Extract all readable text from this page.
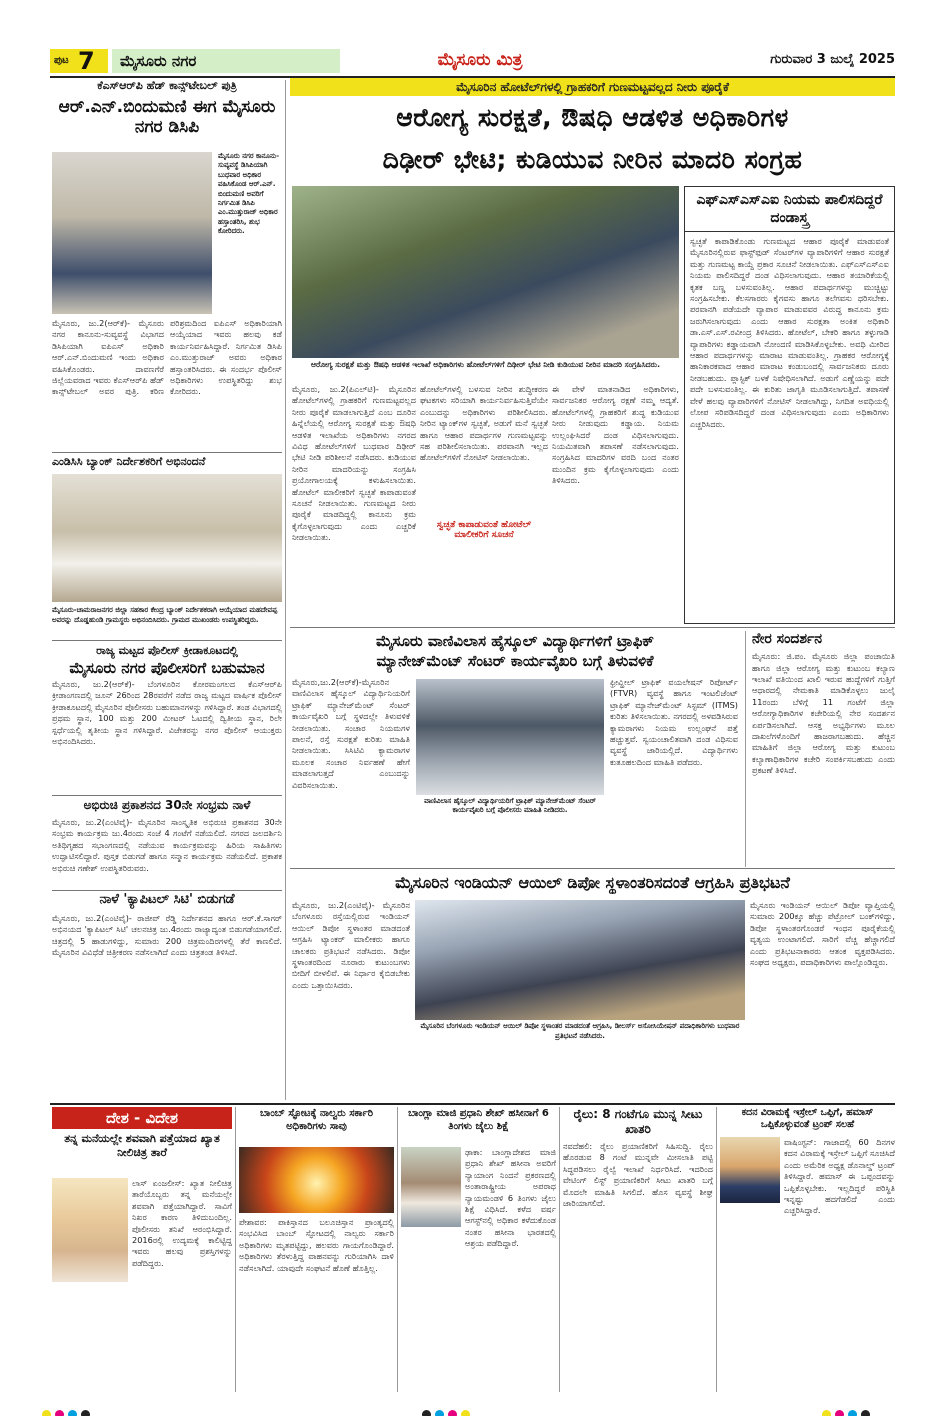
ಪುಟ 7 ಮೈಸೂರು ನಗರ	ಮೈಸೂರು ಮಿತ್ರ	ಗುರುವಾರ 3 ಜುಲೈ 2025
ಕೆಎಸ್‌ಆರ್‌ಪಿ ಹೆಡ್ ಕಾನ್ಸ್‌ಟೇಬಲ್ ಪುತ್ರಿ
ಆರ್.ಎನ್.ಬಿಂದುಮಣಿ ಈಗ ಮೈಸೂರು ನಗರ ಡಿಸಿಪಿ
ಮೈಸೂರು ನಗರ ಕಾನೂನು-ಸುವ್ಯವಸ್ಥೆ ಡಿಸಿಪಿಯಾಗಿ ಬುಧವಾರ ಅಧಿಕಾರ ವಹಿಸಿಕೊಂಡ ಆರ್.ಎನ್. ಬಿಂದುಮಣಿ ಅವರಿಗೆ ನಿರ್ಗಮಿತ ಡಿಸಿಪಿ ಎಂ.ಮುತ್ತುರಾಜ್ ಅಧಿಕಾರ ಹಸ್ತಾಂತರಿಸಿ, ಶುಭ ಕೋರಿದರು.
ಮೈಸೂರು, ಜು.2(ಆರ್‌ಕೆ)- ಮೈಸೂರು ನಗರ ಕಾನೂನು-ಸುವ್ಯವಸ್ಥೆ ವಿಭಾಗದ ಡಿಸಿಪಿಯಾಗಿ ಐಪಿಎಸ್ ಅಧಿಕಾರಿ ಆರ್.ಎನ್.ಬಿಂದುಮಣಿ ಇಂದು ಅಧಿಕಾರ ವಹಿಸಿಕೊಂಡರು. ದಾವಣಗೆರೆ ಜಿಲ್ಲೆಯವರಾದ ಇವರು ಕೆಎಸ್‌ಆರ್‌ಪಿ ಹೆಡ್ ಕಾನ್ಸ್‌ಟೇಬಲ್ ಅವರ ಪುತ್ರಿ. ಕಠಿಣ ಪರಿಶ್ರಮದಿಂದ ಐಪಿಎಸ್ ಅಧಿಕಾರಿಯಾಗಿ ಆಯ್ಕೆಯಾದ ಇವರು ಹಲವು ಕಡೆ ಕಾರ್ಯನಿರ್ವಹಿಸಿದ್ದಾರೆ. ನಿರ್ಗಮಿತ ಡಿಸಿಪಿ ಎಂ.ಮುತ್ತುರಾಜ್ ಅವರು ಅಧಿಕಾರ ಹಸ್ತಾಂತರಿಸಿದರು. ಈ ಸಂದರ್ಭ ಪೊಲೀಸ್ ಅಧಿಕಾರಿಗಳು ಉಪಸ್ಥಿತರಿದ್ದು ಶುಭ ಕೋರಿದರು.
ಎಂಡಿಸಿಸಿ ಬ್ಯಾಂಕ್ ನಿರ್ದೇಶಕರಿಗೆ ಅಭಿನಂದನೆ
ಮೈಸೂರು-ಚಾಮರಾಜನಗರ ಜಿಲ್ಲಾ ಸಹಕಾರ ಕೇಂದ್ರ ಬ್ಯಾಂಕ್ ನಿರ್ದೇಶಕರಾಗಿ ಆಯ್ಕೆಯಾದ ಮಹದೇವಪ್ಪ ಅವರನ್ನು ದೊಡ್ಡಹುಂಡಿ ಗ್ರಾಮಸ್ಥರು ಅಭಿನಂದಿಸಿದರು. ಗ್ರಾಮದ ಮುಖಂಡರು ಉಪಸ್ಥಿತರಿದ್ದರು.
ರಾಜ್ಯ ಮಟ್ಟದ ಪೊಲೀಸ್ ಕ್ರೀಡಾಕೂಟದಲ್ಲಿ
ಮೈಸೂರು ನಗರ ಪೊಲೀಸರಿಗೆ ಬಹುಮಾನ
ಮೈಸೂರು, ಜು.2(ಆರ್‌ಕೆ)- ಬೆಂಗಳೂರಿನ ಕೋರಮಂಗಲದ ಕೆಎಸ್‌ಆರ್‌ಪಿ ಕ್ರೀಡಾಂಗಣದಲ್ಲಿ ಜೂನ್ 26ರಿಂದ 28ರವರೆಗೆ ನಡೆದ ರಾಜ್ಯ ಮಟ್ಟದ ವಾರ್ಷಿಕ ಪೊಲೀಸ್ ಕ್ರೀಡಾಕೂಟದಲ್ಲಿ ಮೈಸೂರಿನ ಪೊಲೀಸರು ಬಹುಮಾನಗಳನ್ನು ಗಳಿಸಿದ್ದಾರೆ. ತಂಡ ವಿಭಾಗದಲ್ಲಿ ಪ್ರಥಮ ಸ್ಥಾನ, 100 ಮತ್ತು 200 ಮೀಟರ್ ಓಟದಲ್ಲಿ ದ್ವಿತೀಯ ಸ್ಥಾನ, ರಿಲೇ ಸ್ಪರ್ಧೆಯಲ್ಲಿ ತೃತೀಯ ಸ್ಥಾನ ಗಳಿಸಿದ್ದಾರೆ. ವಿಜೇತರನ್ನು ನಗರ ಪೊಲೀಸ್ ಆಯುಕ್ತರು ಅಭಿನಂದಿಸಿದರು.
ಅಭಿರುಚಿ ಪ್ರಕಾಶನದ 30ನೇ ಸಂಭ್ರಮ ನಾಳೆ
ಮೈಸೂರು, ಜು.2(ಎಂಟಿವೈ)- ಮೈಸೂರಿನ ಸಾಂಸ್ಕೃತಿಕ ಅಭಿರುಚಿ ಪ್ರಕಾಶನದ 30ನೇ ಸಂಭ್ರಮ ಕಾರ್ಯಕ್ರಮ ಜು.4ರಂದು ಸಂಜೆ 4 ಗಂಟೆಗೆ ನಡೆಯಲಿದೆ. ನಗರದ ಜಲದರ್ಶಿನಿ ಅತಿಥಿಗೃಹದ ಸಭಾಂಗಣದಲ್ಲಿ ನಡೆಯುವ ಕಾರ್ಯಕ್ರಮವನ್ನು ಹಿರಿಯ ಸಾಹಿತಿಗಳು ಉದ್ಘಾಟಿಸಲಿದ್ದಾರೆ. ಪುಸ್ತಕ ಬಿಡುಗಡೆ ಹಾಗೂ ಸನ್ಮಾನ ಕಾರ್ಯಕ್ರಮ ನಡೆಯಲಿದೆ. ಪ್ರಕಾಶಕ ಅಭಿರುಚಿ ಗಣೇಶ್ ಉಪಸ್ಥಿತರಿರುವರು.
ನಾಳೆ 'ಕ್ಯಾಪಿಟಲ್ ಸಿಟಿ' ಬಿಡುಗಡೆ
ಮೈಸೂರು, ಜು.2(ಎಂಟಿವೈ)- ರಾಜೀವ್ ರೆಡ್ಡಿ ನಿರ್ದೇಶನದ ಹಾಗೂ ಆರ್.ಕೆ.ಸಾಗರ್ ಅಭಿನಯದ 'ಕ್ಯಾಪಿಟಲ್ ಸಿಟಿ' ಚಲನಚಿತ್ರ ಜು.4ರಂದು ರಾಜ್ಯಾದ್ಯಂತ ಬಿಡುಗಡೆಯಾಗಲಿದೆ. ಚಿತ್ರದಲ್ಲಿ 5 ಹಾಡುಗಳಿದ್ದು, ಸುಮಾರು 200 ಚಿತ್ರಮಂದಿರಗಳಲ್ಲಿ ತೆರೆ ಕಾಣಲಿದೆ. ಮೈಸೂರಿನ ವಿವಿಧೆಡೆ ಚಿತ್ರೀಕರಣ ನಡೆಸಲಾಗಿದೆ ಎಂದು ಚಿತ್ರತಂಡ ತಿಳಿಸಿದೆ.
ಮೈಸೂರಿನ ಹೋಟೆಲ್‌ಗಳಲ್ಲಿ ಗ್ರಾಹಕರಿಗೆ ಗುಣಮಟ್ಟವಲ್ಲದ ನೀರು ಪೂರೈಕೆ
ಆರೋಗ್ಯ ಸುರಕ್ಷತೆ, ಔಷಧಿ ಆಡಳಿತ ಅಧಿಕಾರಿಗಳ
ದಿಢೀರ್ ಭೇಟಿ; ಕುಡಿಯುವ ನೀರಿನ ಮಾದರಿ ಸಂಗ್ರಹ
ಆರೋಗ್ಯ ಸುರಕ್ಷತೆ ಮತ್ತು ಔಷಧಿ ಆಡಳಿತ ಇಲಾಖೆ ಅಧಿಕಾರಿಗಳು ಹೋಟೆಲ್‌ಗಳಿಗೆ ದಿಢೀರ್ ಭೇಟಿ ನೀಡಿ ಕುಡಿಯುವ ನೀರಿನ ಮಾದರಿ ಸಂಗ್ರಹಿಸಿದರು.
ಮೈಸೂರು, ಜು.2(ಪಿಎಲ್‌ಟಿ)- ಮೈಸೂರಿನ ಹೋಟೆಲ್‌ಗಳಲ್ಲಿ ಗ್ರಾಹಕರಿಗೆ ಗುಣಮಟ್ಟವಲ್ಲದ ನೀರು ಪೂರೈಕೆ ಮಾಡಲಾಗುತ್ತಿದೆ ಎಂಬ ದೂರಿನ ಹಿನ್ನೆಲೆಯಲ್ಲಿ ಆರೋಗ್ಯ ಸುರಕ್ಷತೆ ಮತ್ತು ಔಷಧಿ ಆಡಳಿತ ಇಲಾಖೆಯ ಅಧಿಕಾರಿಗಳು ನಗರದ ವಿವಿಧ ಹೋಟೆಲ್‌ಗಳಿಗೆ ಬುಧವಾರ ದಿಢೀರ್ ಭೇಟಿ ನೀಡಿ ಪರಿಶೀಲನೆ ನಡೆಸಿದರು. ಕುಡಿಯುವ ನೀರಿನ ಮಾದರಿಯನ್ನು ಸಂಗ್ರಹಿಸಿ ಪ್ರಯೋಗಾಲಯಕ್ಕೆ ಕಳುಹಿಸಲಾಯಿತು. ಹೋಟೆಲ್ ಮಾಲೀಕರಿಗೆ ಸ್ವಚ್ಛತೆ ಕಾಪಾಡುವಂತೆ ಸೂಚನೆ ನೀಡಲಾಯಿತು. ಗುಣಮಟ್ಟದ ನೀರು ಪೂರೈಕೆ ಮಾಡದಿದ್ದಲ್ಲಿ ಕಾನೂನು ಕ್ರಮ ಕೈಗೊಳ್ಳಲಾಗುವುದು ಎಂದು ಎಚ್ಚರಿಕೆ ನೀಡಲಾಯಿತು.
ಹೋಟೆಲ್‌ಗಳಲ್ಲಿ ಬಳಸುವ ನೀರಿನ ಶುದ್ಧೀಕರಣ ಘಟಕಗಳು ಸರಿಯಾಗಿ ಕಾರ್ಯನಿರ್ವಹಿಸುತ್ತಿವೆಯೇ ಎಂಬುದನ್ನು ಅಧಿಕಾರಿಗಳು ಪರಿಶೀಲಿಸಿದರು. ನೀರಿನ ಟ್ಯಾಂಕ್‌ಗಳ ಸ್ವಚ್ಛತೆ, ಅಡುಗೆ ಮನೆ ಸ್ವಚ್ಛತೆ ಹಾಗೂ ಆಹಾರ ಪದಾರ್ಥಗಳ ಗುಣಮಟ್ಟವನ್ನು ಸಹ ಪರಿಶೀಲಿಸಲಾಯಿತು. ಪರವಾನಗಿ ಇಲ್ಲದ ಹೋಟೆಲ್‌ಗಳಿಗೆ ನೋಟಿಸ್ ನೀಡಲಾಯಿತು.
ಸ್ವಚ್ಛತೆ ಕಾಪಾಡುವಂತೆ ಹೋಟೆಲ್ ಮಾಲೀಕರಿಗೆ ಸೂಚನೆ
ಈ ವೇಳೆ ಮಾತನಾಡಿದ ಅಧಿಕಾರಿಗಳು, ಸಾರ್ವಜನಿಕರ ಆರೋಗ್ಯ ರಕ್ಷಣೆ ನಮ್ಮ ಆದ್ಯತೆ. ಹೋಟೆಲ್‌ಗಳಲ್ಲಿ ಗ್ರಾಹಕರಿಗೆ ಶುದ್ಧ ಕುಡಿಯುವ ನೀರು ನೀಡುವುದು ಕಡ್ಡಾಯ. ನಿಯಮ ಉಲ್ಲಂಘಿಸಿದರೆ ದಂಡ ವಿಧಿಸಲಾಗುವುದು. ನಿಯಮಿತವಾಗಿ ತಪಾಸಣೆ ನಡೆಸಲಾಗುವುದು. ಸಂಗ್ರಹಿಸಿದ ಮಾದರಿಗಳ ವರದಿ ಬಂದ ನಂತರ ಮುಂದಿನ ಕ್ರಮ ಕೈಗೊಳ್ಳಲಾಗುವುದು ಎಂದು ತಿಳಿಸಿದರು.
ಎಫ್‌ಎಸ್‌ಎಸ್‌ಎಐ ನಿಯಮ ಪಾಲಿಸದಿದ್ದರೆ ದಂಡಾಸ್ತ್ರ
ಸ್ವಚ್ಛತೆ ಕಾಪಾಡಿಕೊಂಡು ಗುಣಮಟ್ಟದ ಆಹಾರ ಪೂರೈಕೆ ಮಾಡುವಂತೆ ಮೈಸೂರಿನಲ್ಲಿರುವ ಫಾಸ್ಟ್‌ಫುಡ್ ಸೆಂಟರ್‌ಗಳ ವ್ಯಾಪಾರಿಗಳಿಗೆ ಆಹಾರ ಸುರಕ್ಷತೆ ಮತ್ತು ಗುಣಮಟ್ಟ ಕಾಯ್ದೆ ಪ್ರಕಾರ ಸೂಚನೆ ನೀಡಲಾಯಿತು. ಎಫ್‌ಎಸ್‌ಎಸ್‌ಎಐ ನಿಯಮ ಪಾಲಿಸದಿದ್ದರೆ ದಂಡ ವಿಧಿಸಲಾಗುವುದು. ಆಹಾರ ತಯಾರಿಕೆಯಲ್ಲಿ ಕೃತಕ ಬಣ್ಣ ಬಳಸುವಂತಿಲ್ಲ. ಆಹಾರ ಪದಾರ್ಥಗಳನ್ನು ಮುಚ್ಚಿಟ್ಟು ಸಂಗ್ರಹಿಸಬೇಕು. ಕೆಲಸಗಾರರು ಕೈಗವಸು ಹಾಗೂ ತಲೆಗವಸು ಧರಿಸಬೇಕು. ಪರವಾನಗಿ ಪಡೆಯದೇ ವ್ಯಾಪಾರ ಮಾಡುವವರ ವಿರುದ್ಧ ಕಾನೂನು ಕ್ರಮ ಜರುಗಿಸಲಾಗುವುದು ಎಂದು ಆಹಾರ ಸುರಕ್ಷತಾ ಅಂಕಿತ ಅಧಿಕಾರಿ ಡಾ.ಎಸ್.ಎಸ್.ರವೀಂದ್ರ ತಿಳಿಸಿದರು. ಹೋಟೆಲ್, ಬೇಕರಿ ಹಾಗೂ ತಳ್ಳುಗಾಡಿ ವ್ಯಾಪಾರಿಗಳು ಕಡ್ಡಾಯವಾಗಿ ನೋಂದಣಿ ಮಾಡಿಸಿಕೊಳ್ಳಬೇಕು. ಅವಧಿ ಮೀರಿದ ಆಹಾರ ಪದಾರ್ಥಗಳನ್ನು ಮಾರಾಟ ಮಾಡುವಂತಿಲ್ಲ. ಗ್ರಾಹಕರ ಆರೋಗ್ಯಕ್ಕೆ ಹಾನಿಕಾರಕವಾದ ಆಹಾರ ಮಾರಾಟ ಕಂಡುಬಂದಲ್ಲಿ ಸಾರ್ವಜನಿಕರು ದೂರು ನೀಡಬಹುದು. ಪ್ಲಾಸ್ಟಿಕ್ ಬಳಕೆ ನಿಷೇಧಿಸಲಾಗಿದೆ. ಅಡುಗೆ ಎಣ್ಣೆಯನ್ನು ಪದೇ ಪದೇ ಬಳಸುವಂತಿಲ್ಲ. ಈ ಕುರಿತು ಜಾಗೃತಿ ಮೂಡಿಸಲಾಗುತ್ತಿದೆ. ತಪಾಸಣೆ ವೇಳೆ ಹಲವು ವ್ಯಾಪಾರಿಗಳಿಗೆ ನೋಟಿಸ್ ನೀಡಲಾಗಿದ್ದು, ನಿಗದಿತ ಅವಧಿಯಲ್ಲಿ ಲೋಪ ಸರಿಪಡಿಸದಿದ್ದರೆ ದಂಡ ವಿಧಿಸಲಾಗುವುದು ಎಂದು ಅಧಿಕಾರಿಗಳು ಎಚ್ಚರಿಸಿದರು.
ಮೈಸೂರು ವಾಣಿವಿಲಾಸ ಹೈಸ್ಕೂಲ್ ವಿದ್ಯಾರ್ಥಿಗಳಿಗೆ ಟ್ರಾಫಿಕ್
ಮ್ಯಾನೇಜ್‌ಮೆಂಟ್ ಸೆಂಟರ್ ಕಾರ್ಯವೈಖರಿ ಬಗ್ಗೆ ತಿಳುವಳಿಕೆ
ಮೈಸೂರು,ಜು.2(ಆರ್‌ಕೆ)-ಮೈಸೂರಿನ ವಾಣಿವಿಲಾಸ ಹೈಸ್ಕೂಲ್ ವಿದ್ಯಾರ್ಥಿನಿಯರಿಗೆ ಟ್ರಾಫಿಕ್ ಮ್ಯಾನೇಜ್‌ಮೆಂಟ್ ಸೆಂಟರ್ ಕಾರ್ಯವೈಖರಿ ಬಗ್ಗೆ ಸ್ಥಳದಲ್ಲೇ ತಿಳುವಳಿಕೆ ನೀಡಲಾಯಿತು. ಸಂಚಾರ ನಿಯಮಗಳ ಪಾಲನೆ, ರಸ್ತೆ ಸುರಕ್ಷತೆ ಕುರಿತು ಮಾಹಿತಿ ನೀಡಲಾಯಿತು. ಸಿಸಿಟಿವಿ ಕ್ಯಾಮರಾಗಳ ಮೂಲಕ ಸಂಚಾರ ನಿರ್ವಹಣೆ ಹೇಗೆ ಮಾಡಲಾಗುತ್ತದೆ ಎಂಬುದನ್ನು ವಿವರಿಸಲಾಯಿತು.
ವಾಣಿವಿಲಾಸ ಹೈಸ್ಕೂಲ್ ವಿದ್ಯಾರ್ಥಿಯರಿಗೆ ಟ್ರಾಫಿಕ್ ಮ್ಯಾನೇಜ್‌ಮೆಂಟ್ ಸೆಂಟರ್ ಕಾರ್ಯವೈಖರಿ ಬಗ್ಗೆ ಪೊಲೀಸರು ಮಾಹಿತಿ ನೀಡಿದರು.
ಫ್ರೀವ್ಹೀಲ್ ಟ್ರಾಫಿಕ್ ವಯಲೇಷನ್ ರಿಪೋರ್ಟ್ (FTVR) ವ್ಯವಸ್ಥೆ ಹಾಗೂ ಇಂಟಲಿಜೆಂಟ್ ಟ್ರಾಫಿಕ್ ಮ್ಯಾನೇಜ್‌ಮೆಂಟ್ ಸಿಸ್ಟಮ್ (ITMS) ಕುರಿತು ತಿಳಿಸಲಾಯಿತು. ನಗರದಲ್ಲಿ ಅಳವಡಿಸಿರುವ ಕ್ಯಾಮರಾಗಳು ನಿಯಮ ಉಲ್ಲಂಘನೆ ಪತ್ತೆ ಹಚ್ಚುತ್ತವೆ. ಸ್ವಯಂಚಾಲಿತವಾಗಿ ದಂಡ ವಿಧಿಸುವ ವ್ಯವಸ್ಥೆ ಜಾರಿಯಲ್ಲಿದೆ. ವಿದ್ಯಾರ್ಥಿಗಳು ಕುತೂಹಲದಿಂದ ಮಾಹಿತಿ ಪಡೆದರು.
ನೇರ ಸಂದರ್ಶನ
ಮೈಸೂರು: ಜಿ.ಪಂ. ಮೈಸೂರು ಜಿಲ್ಲಾ ಪಂಚಾಯಿತಿ ಹಾಗೂ ಜಿಲ್ಲಾ ಆರೋಗ್ಯ ಮತ್ತು ಕುಟುಂಬ ಕಲ್ಯಾಣ ಇಲಾಖೆ ವತಿಯಿಂದ ಖಾಲಿ ಇರುವ ಹುದ್ದೆಗಳಿಗೆ ಗುತ್ತಿಗೆ ಆಧಾರದಲ್ಲಿ ನೇಮಕಾತಿ ಮಾಡಿಕೊಳ್ಳಲು ಜುಲೈ 11ರಂದು ಬೆಳಿಗ್ಗೆ 11 ಗಂಟೆಗೆ ಜಿಲ್ಲಾ ಆರೋಗ್ಯಾಧಿಕಾರಿಗಳ ಕಚೇರಿಯಲ್ಲಿ ನೇರ ಸಂದರ್ಶನ ಏರ್ಪಡಿಸಲಾಗಿದೆ. ಆಸಕ್ತ ಅಭ್ಯರ್ಥಿಗಳು ಮೂಲ ದಾಖಲೆಗಳೊಂದಿಗೆ ಹಾಜರಾಗಬಹುದು. ಹೆಚ್ಚಿನ ಮಾಹಿತಿಗೆ ಜಿಲ್ಲಾ ಆರೋಗ್ಯ ಮತ್ತು ಕುಟುಂಬ ಕಲ್ಯಾಣಾಧಿಕಾರಿಗಳ ಕಚೇರಿ ಸಂಪರ್ಕಿಸಬಹುದು ಎಂದು ಪ್ರಕಟಣೆ ತಿಳಿಸಿದೆ.
ಮೈಸೂರಿನ ಇಂಡಿಯನ್ ಆಯಿಲ್ ಡಿಪೋ ಸ್ಥಳಾಂತರಿಸದಂತೆ ಆಗ್ರಹಿಸಿ ಪ್ರತಿಭಟನೆ
ಮೈಸೂರು, ಜು.2(ಎಂಟಿವೈ)- ಮೈಸೂರಿನ ಬೆಂಗಳೂರು ರಸ್ತೆಯಲ್ಲಿರುವ ಇಂಡಿಯನ್ ಆಯಿಲ್ ಡಿಪೋ ಸ್ಥಳಾಂತರ ಮಾಡದಂತೆ ಆಗ್ರಹಿಸಿ ಟ್ಯಾಂಕರ್ ಮಾಲೀಕರು ಹಾಗೂ ಚಾಲಕರು ಪ್ರತಿಭಟನೆ ನಡೆಸಿದರು. ಡಿಪೋ ಸ್ಥಳಾಂತರದಿಂದ ನೂರಾರು ಕುಟುಂಬಗಳು ಬೀದಿಗೆ ಬೀಳಲಿವೆ. ಈ ನಿರ್ಧಾರ ಕೈಬಿಡಬೇಕು ಎಂದು ಒತ್ತಾಯಿಸಿದರು.
ಮೈಸೂರಿನ ಬೆಂಗಳೂರು ಇಂಡಿಯನ್ ಆಯಿಲ್ ಡಿಪೋ ಸ್ಥಳಾಂತರ ಮಾಡದಂತೆ ಆಗ್ರಹಿಸಿ, ಡೀಲರ್ಸ್ ಅಸೋಸಿಯೇಷನ್ ಪದಾಧಿಕಾರಿಗಳು ಬುಧವಾರ ಪ್ರತಿಭಟನೆ ನಡೆಸಿದರು.
ಮೈಸೂರು ಇಂಡಿಯನ್ ಆಯಿಲ್ ಡಿಪೋ ವ್ಯಾಪ್ತಿಯಲ್ಲಿ ಸುಮಾರು 200ಕ್ಕೂ ಹೆಚ್ಚು ಪೆಟ್ರೋಲ್ ಬಂಕ್‌ಗಳಿದ್ದು, ಡಿಪೋ ಸ್ಥಳಾಂತರಗೊಂಡರೆ ಇಂಧನ ಪೂರೈಕೆಯಲ್ಲಿ ವ್ಯತ್ಯಯ ಉಂಟಾಗಲಿದೆ. ಸಾರಿಗೆ ವೆಚ್ಚ ಹೆಚ್ಚಾಗಲಿದೆ ಎಂದು ಪ್ರತಿಭಟನಾಕಾರರು ಆತಂಕ ವ್ಯಕ್ತಪಡಿಸಿದರು. ಸಂಘದ ಅಧ್ಯಕ್ಷರು, ಪದಾಧಿಕಾರಿಗಳು ಪಾಲ್ಗೊಂಡಿದ್ದರು.
ದೇಶ - ವಿದೇಶ
ತನ್ನ ಮನೆಯಲ್ಲೇ ಶವವಾಗಿ ಪತ್ತೆಯಾದ ಖ್ಯಾತ ನೀಲಿಚಿತ್ರ ತಾರೆ
ಲಾಸ್ ಏಂಜಲೀಸ್: ಖ್ಯಾತ ನೀಲಿಚಿತ್ರ ತಾರೆಯೊಬ್ಬರು ತನ್ನ ಮನೆಯಲ್ಲೇ ಶವವಾಗಿ ಪತ್ತೆಯಾಗಿದ್ದಾರೆ. ಸಾವಿಗೆ ನಿಖರ ಕಾರಣ ತಿಳಿದುಬಂದಿಲ್ಲ. ಪೊಲೀಸರು ತನಿಖೆ ಆರಂಭಿಸಿದ್ದಾರೆ. 2016ರಲ್ಲಿ ಉದ್ಯಮಕ್ಕೆ ಕಾಲಿಟ್ಟಿದ್ದ ಇವರು ಹಲವು ಪ್ರಶಸ್ತಿಗಳನ್ನು ಪಡೆದಿದ್ದರು.
ಬಾಂಬ್ ಸ್ಫೋಟಕ್ಕೆ ನಾಲ್ವರು ಸರ್ಕಾರಿ ಅಧಿಕಾರಿಗಳು ಸಾವು
ಪೇಶಾವರ: ಪಾಕಿಸ್ತಾನದ ಬಲೂಚಿಸ್ತಾನ ಪ್ರಾಂತ್ಯದಲ್ಲಿ ಸಂಭವಿಸಿದ ಬಾಂಬ್ ಸ್ಫೋಟದಲ್ಲಿ ನಾಲ್ವರು ಸರ್ಕಾರಿ ಅಧಿಕಾರಿಗಳು ಮೃತಪಟ್ಟಿದ್ದು, ಹಲವರು ಗಾಯಗೊಂಡಿದ್ದಾರೆ. ಅಧಿಕಾರಿಗಳು ತೆರಳುತ್ತಿದ್ದ ವಾಹನವನ್ನು ಗುರಿಯಾಗಿಸಿ ದಾಳಿ ನಡೆಸಲಾಗಿದೆ. ಯಾವುದೇ ಸಂಘಟನೆ ಹೊಣೆ ಹೊತ್ತಿಲ್ಲ.
ಬಾಂಗ್ಲಾ ಮಾಜಿ ಪ್ರಧಾನಿ ಶೇಖ್ ಹಸೀನಾಗೆ 6 ತಿಂಗಳು ಜೈಲು ಶಿಕ್ಷೆ
ಢಾಕಾ: ಬಾಂಗ್ಲಾದೇಶದ ಮಾಜಿ ಪ್ರಧಾನಿ ಶೇಖ್ ಹಸೀನಾ ಅವರಿಗೆ ನ್ಯಾಯಾಂಗ ನಿಂದನೆ ಪ್ರಕರಣದಲ್ಲಿ ಅಂತಾರಾಷ್ಟ್ರೀಯ ಅಪರಾಧ ನ್ಯಾಯಮಂಡಳಿ 6 ತಿಂಗಳು ಜೈಲು ಶಿಕ್ಷೆ ವಿಧಿಸಿದೆ. ಕಳೆದ ವರ್ಷ ಆಗಸ್ಟ್‌ನಲ್ಲಿ ಅಧಿಕಾರ ಕಳೆದುಕೊಂಡ ನಂತರ ಹಸೀನಾ ಭಾರತದಲ್ಲಿ ಆಶ್ರಯ ಪಡೆದಿದ್ದಾರೆ.
ರೈಲು: 8 ಗಂಟೆಗೂ ಮುನ್ನ ಸೀಟು ಖಾತರಿ
ನವದೆಹಲಿ: ರೈಲು ಪ್ರಯಾಣಿಕರಿಗೆ ಸಿಹಿಸುದ್ದಿ. ರೈಲು ಹೊರಡುವ 8 ಗಂಟೆ ಮುನ್ನವೇ ಮೀಸಲಾತಿ ಪಟ್ಟಿ ಸಿದ್ಧಪಡಿಸಲು ರೈಲ್ವೆ ಇಲಾಖೆ ನಿರ್ಧರಿಸಿದೆ. ಇದರಿಂದ ವೇಟಿಂಗ್ ಲಿಸ್ಟ್ ಪ್ರಯಾಣಿಕರಿಗೆ ಸೀಟು ಖಾತರಿ ಬಗ್ಗೆ ಮೊದಲೇ ಮಾಹಿತಿ ಸಿಗಲಿದೆ. ಹೊಸ ವ್ಯವಸ್ಥೆ ಶೀಘ್ರ ಜಾರಿಯಾಗಲಿದೆ.
ಕದನ ವಿರಾಮಕ್ಕೆ ಇಸ್ರೇಲ್ ಒಪ್ಪಿಗೆ, ಹಮಾಸ್ ಒಪ್ಪಿಕೊಳ್ಳುವಂತೆ ಟ್ರಂಪ್ ಸಲಹೆ
ವಾಷಿಂಗ್ಟನ್: ಗಾಜಾದಲ್ಲಿ 60 ದಿನಗಳ ಕದನ ವಿರಾಮಕ್ಕೆ ಇಸ್ರೇಲ್ ಒಪ್ಪಿಗೆ ಸೂಚಿಸಿದೆ ಎಂದು ಅಮೆರಿಕ ಅಧ್ಯಕ್ಷ ಡೊನಾಲ್ಡ್ ಟ್ರಂಪ್ ತಿಳಿಸಿದ್ದಾರೆ. ಹಮಾಸ್ ಈ ಒಪ್ಪಂದವನ್ನು ಒಪ್ಪಿಕೊಳ್ಳಬೇಕು. ಇಲ್ಲದಿದ್ದರೆ ಪರಿಸ್ಥಿತಿ ಇನ್ನಷ್ಟು ಹದಗೆಡಲಿದೆ ಎಂದು ಎಚ್ಚರಿಸಿದ್ದಾರೆ.
